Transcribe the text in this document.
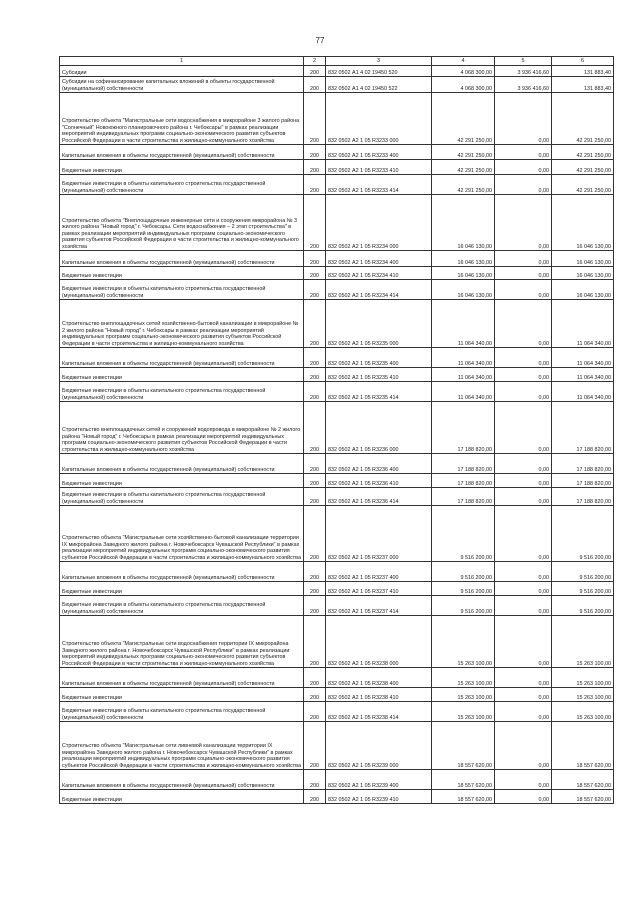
77
1	2	3	4	5	6
Субсидии	200	832 0502 А1 4 02 19450 520	4 068 300,00	3 936 416,60	131 883,40
Субсидии на софинансирование капитальных вложений в объекты государственной (муниципальной) собственности	200	832 0502 А1 4 02 19450 522	4 068 300,00	3 936 416,60	131 883,40
Строительство объекта "Магистральные сети водоснабжения в микрорайоне 3 жилого района "Солнечный" Новоюжного планировочного района г. Чебоксары" в рамках реализации мероприятий индивидуальных программ социально-экономического развития субъектов Российской Федерации в части строительства и жилищно-коммунального хозяйства	200	832 0502 А2 1 05 R3233 000	42 291 250,00	0,00	42 291 250,00
Капитальные вложения в объекты государственной (муниципальной) собственности	200	832 0502 А2 1 05 R3233 400	42 291 250,00	0,00	42 291 250,00
Бюджетные инвестиции	200	832 0502 А2 1 05 R3233 410	42 291 250,00	0,00	42 291 250,00
Бюджетные инвестиции в объекты капитального строительства государственной (муниципальной) собственности	200	832 0502 А2 1 05 R3233 414	42 291 250,00	0,00	42 291 250,00
Строительство объекта "Внеплощадочные инженерные сети и сооружения микрорайона № 3 жилого района "Новый город" г. Чебоксары. Сети водоснабжения – 2 этап строительства" в рамках реализации мероприятий индивидуальных программ социально-экономического развития субъектов Российской Федерации в части строительства и жилищно-коммунального хозяйства	200	832 0502 А2 1 05 R3234 000	16 046 130,00	0,00	16 046 130,00
Капитальные вложения в объекты государственной (муниципальной) собственности	200	832 0502 А2 1 05 R3234 400	16 046 130,00	0,00	16 046 130,00
Бюджетные инвестиции	200	832 0502 А2 1 05 R3234 410	16 046 130,00	0,00	16 046 130,00
Бюджетные инвестиции в объекты капитального строительства государственной (муниципальной) собственности	200	832 0502 А2 1 05 R3234 414	16 046 130,00	0,00	16 046 130,00
Строительство внеплощадочных сетей хозяйственно-бытовой канализации в микрорайоне № 2 жилого района "Новый город" г. Чебоксары в рамках реализации мероприятий индивидуальных программ социально-экономического развития субъектов Российской Федерации в части строительства и жилищно-коммунального хозяйства	200	832 0502 А2 1 05 R3235 000	11 064 340,00	0,00	11 064 340,00
Капитальные вложения в объекты государственной (муниципальной) собственности	200	832 0502 А2 1 05 R3235 400	11 064 340,00	0,00	11 064 340,00
Бюджетные инвестиции	200	832 0502 А2 1 05 R3235 410	11 064 340,00	0,00	11 064 340,00
Бюджетные инвестиции в объекты капитального строительства государственной (муниципальной) собственности	200	832 0502 А2 1 05 R3235 414	11 064 340,00	0,00	11 064 340,00
Строительство внеплощадочных сетей и сооружений водопровода в микрорайоне № 2 жилого района "Новый город" г. Чебоксары в рамках реализации мероприятий индивидуальных программ социально-экономического развития субъектов Российской Федерации в части строительства и жилищно-коммунального хозяйства	200	832 0502 А2 1 05 R3236 000	17 188 820,00	0,00	17 188 820,00
Капитальные вложения в объекты государственной (муниципальной) собственности	200	832 0502 А2 1 05 R3236 400	17 188 820,00	0,00	17 188 820,00
Бюджетные инвестиции	200	832 0502 А2 1 05 R3236 410	17 188 820,00	0,00	17 188 820,00
Бюджетные инвестиции в объекты капитального строительства государственной (муниципальной) собственности	200	832 0502 А2 1 05 R3236 414	17 188 820,00	0,00	17 188 820,00
Строительство объекта "Магистральные сети хозяйственно-бытовой канализации территории IX микрорайона Заведного жилого района г. Новочебоксарск Чувашской Республики" в рамках реализации мероприятий индивидуальных программ социально-экономического развития субъектов Российской Федерации в части строительства и жилищно-коммунального хозяйства	200	832 0502 А2 1 05 R3237 000	9 516 200,00	0,00	9 516 200,00
Капитальные вложения в объекты государственной (муниципальной) собственности	200	832 0502 А2 1 05 R3237 400	9 516 200,00	0,00	9 516 200,00
Бюджетные инвестиции	200	832 0502 А2 1 05 R3237 410	9 516 200,00	0,00	9 516 200,00
Бюджетные инвестиции в объекты капитального строительства государственной (муниципальной) собственности	200	832 0502 А2 1 05 R3237 414	9 516 200,00	0,00	9 516 200,00
Строительство объекта "Магистральные сети водоснабжения территории IX микрорайона Заведного жилого района г. Новочебоксарск Чувашской Республики" в рамках реализации мероприятий индивидуальных программ социально-экономического развития субъектов Российской Федерации в части строительства и жилищно-коммунального хозяйства	200	832 0502 А2 1 05 R3238 000	15 263 100,00	0,00	15 263 100,00
Капитальные вложения в объекты государственной (муниципальной) собственности	200	832 0502 А2 1 05 R3238 400	15 263 100,00	0,00	15 263 100,00
Бюджетные инвестиции	200	832 0502 А2 1 05 R3238 410	15 263 100,00	0,00	15 263 100,00
Бюджетные инвестиции в объекты капитального строительства государственной (муниципальной) собственности	200	832 0502 А2 1 05 R3238 414	15 263 100,00	0,00	15 263 100,00
Строительство объекта "Магистральные сети ливневой канализации территории IX микрорайона Заведного жилого района г. Новочебоксарск Чувашской Республики" в рамках реализации мероприятий индивидуальных программ социально-экономического развития субъектов Российской Федерации в части строительства и жилищно-коммунального хозяйства	200	832 0502 А2 1 05 R3239 000	18 557 620,00	0,00	18 557 620,00
Капитальные вложения в объекты государственной (муниципальной) собственности	200	832 0502 А2 1 05 R3239 400	18 557 620,00	0,00	18 557 620,00
Бюджетные инвестиции	200	832 0502 А2 1 05 R3239 410	18 557 620,00	0,00	18 557 620,00
